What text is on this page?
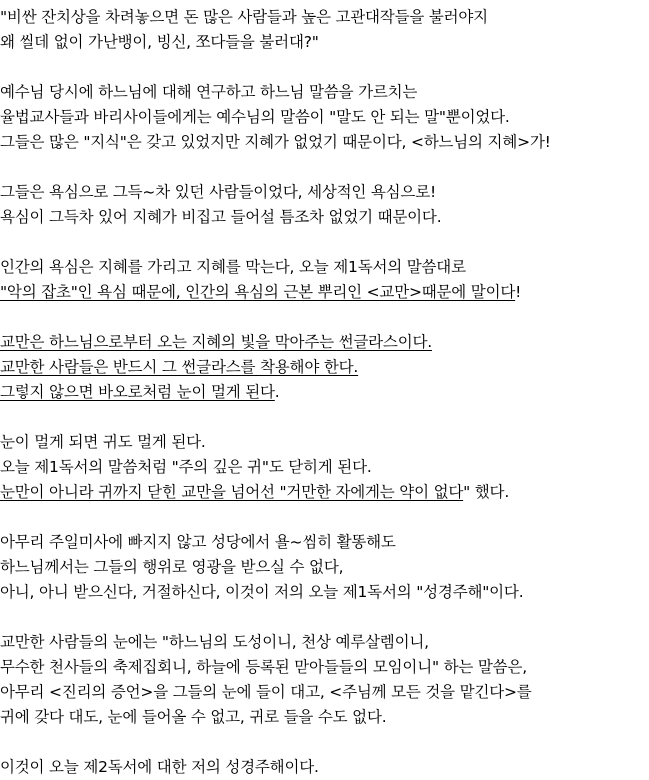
"비싼 잔치상을 차려놓으면 돈 많은 사람들과 높은 고관대작들을 불러야지
왜 씰데 없이 가난뱅이, 빙신, 쪼다들을 불러대?"
예수님 당시에 하느님에 대해 연구하고 하느님 말씀을 가르치는
율법교사들과 바리사이들에게는 예수님의 말씀이 "말도 안 되는 말"뿐이었다.
그들은 많은 "지식"은 갖고 있었지만 지혜가 없었기 때문이다, <하느님의 지혜>가!
그들은 욕심으로 그득~차 있던 사람들이었다, 세상적인 욕심으로!
욕심이 그득차 있어 지혜가 비집고 들어설 틈조차 없었기 때문이다.
인간의 욕심은 지혜를 가리고 지혜를 막는다, 오늘 제1독서의 말씀대로
"악의 잡초"인 욕심 때문에, 인간의 욕심의 근본 뿌리인 <교만>때문에 말이다!
교만은 하느님으로부터 오는 지혜의 빛을 막아주는 썬글라스이다.
교만한 사람들은 반드시 그 썬글라스를 착용해야 한다.
그렇지 않으면 바오로처럼 눈이 멀게 된다.
눈이 멀게 되면 귀도 멀게 된다.
오늘 제1독서의 말씀처럼 "주의 깊은 귀"도 닫히게 된다.
눈만이 아니라 귀까지 닫힌 교만을 넘어선 "거만한 자에게는 약이 없다" 했다.
아무리 주일미사에 빠지지 않고 성당에서 욜~씸히 활똥해도
하느님께서는 그들의 행위로 영광을 받으실 수 없다,
아니, 아니 받으신다, 거절하신다, 이것이 저의 오늘 제1독서의 "성경주해"이다.
교만한 사람들의 눈에는 "하느님의 도성이니, 천상 예루살렘이니,
무수한 천사들의 축제집회니, 하늘에 등록된 맏아들들의 모임이니" 하는 말씀은,
아무리 <진리의 증언>을 그들의 눈에 들이 대고, <주님께 모든 것을 맡긴다>를
귀에 갖다 대도, 눈에 들어올 수 없고, 귀로 들을 수도 없다.
이것이 오늘 제2독서에 대한 저의 성경주해이다.
